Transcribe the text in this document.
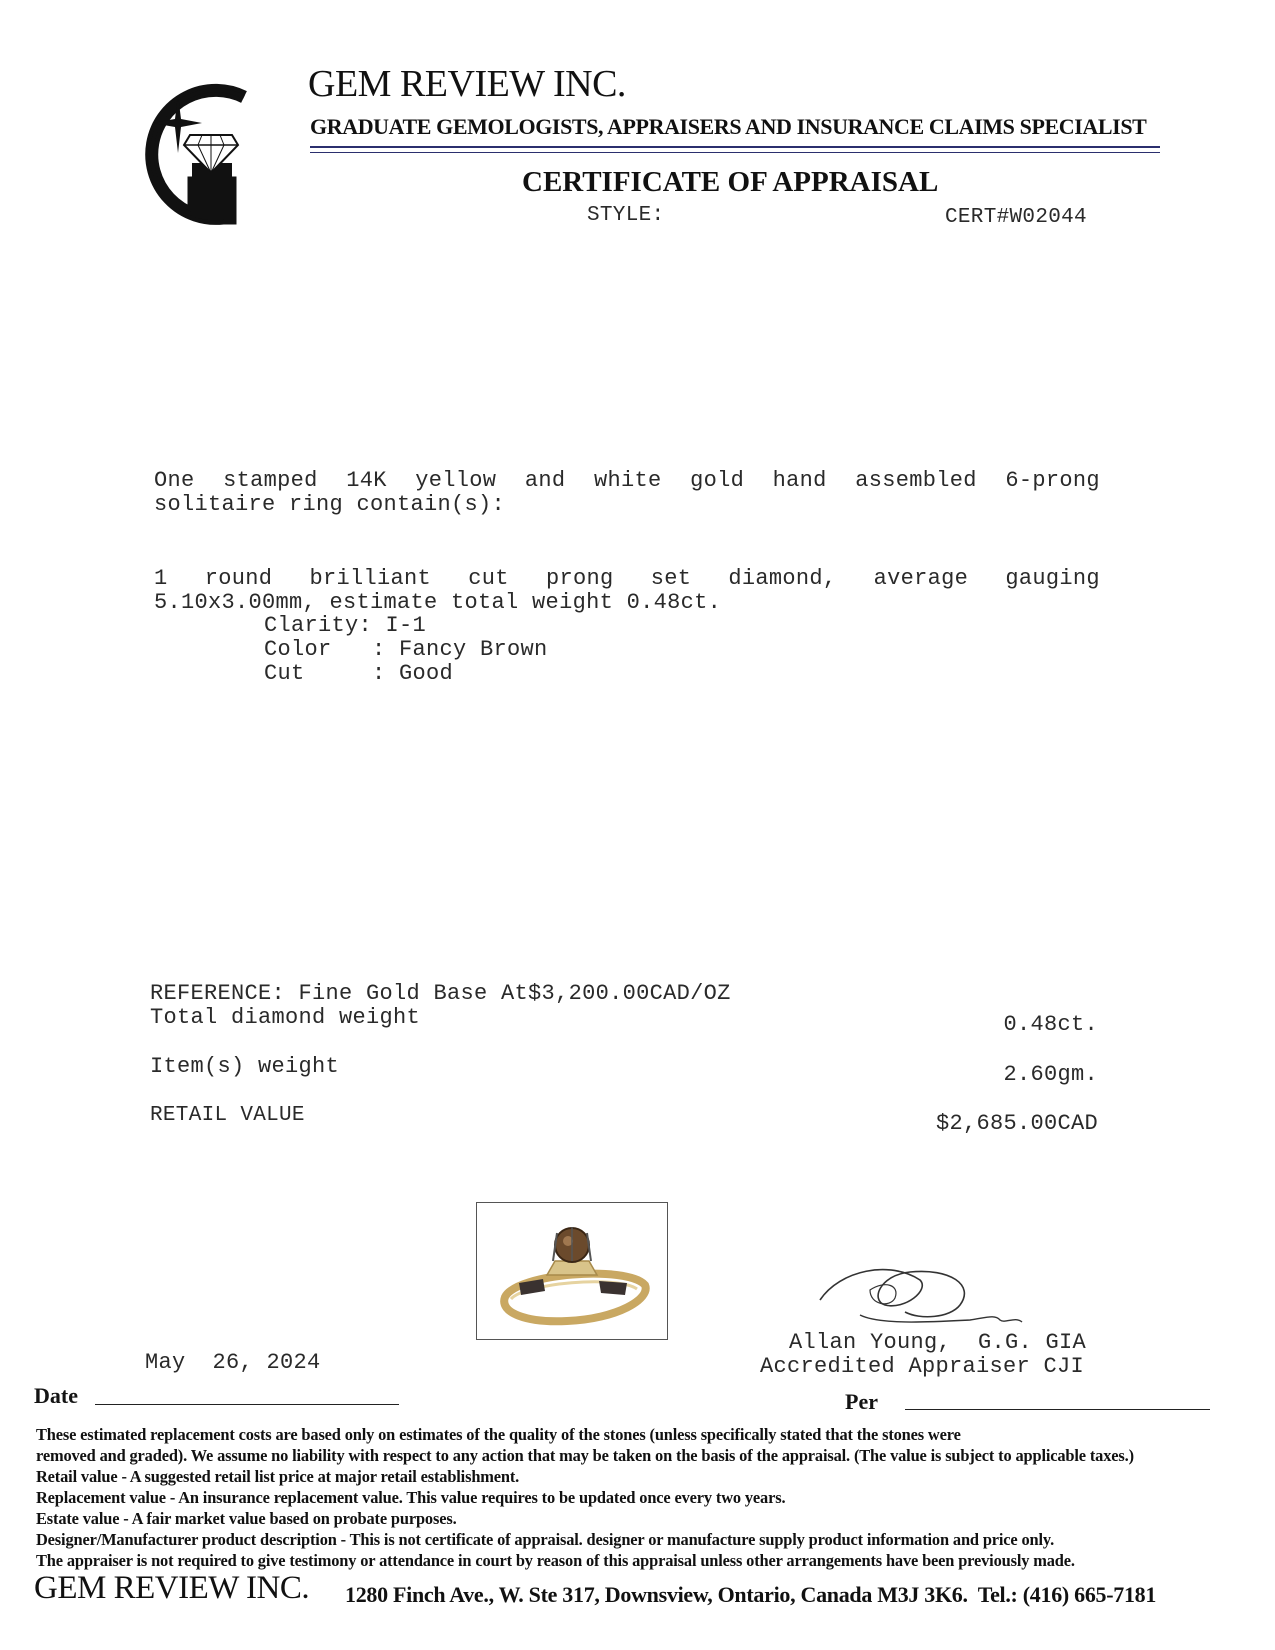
GEM REVIEW INC.
GRADUATE GEMOLOGISTS, APPRAISERS AND INSURANCE CLAIMS SPECIALIST
CERTIFICATE OF APPRAISAL
STYLE:	CERT#W02044
One stamped 14K yellow and white gold hand assembled 6-prong
solitaire ring contain(s):
1 round brilliant cut prong set diamond, average gauging
5.10x3.00mm, estimate total weight 0.48ct.
Clarity: I-1
Color   : Fancy Brown
Cut     : Good
REFERENCE: Fine Gold Base At$3,200.00CAD/OZ
Total diamond weight	0.48ct.
Item(s) weight	2.60gm.
RETAIL VALUE	$2,685.00CAD
May  26, 2024
Date
Allan Young,  G.G. GIA
Accredited Appraiser CJI
Per
These estimated replacement costs are based only on estimates of the quality of the stones (unless specifically stated that the stones were
removed and graded). We assume no liability with respect to any action that may be taken on the basis of the appraisal. (The value is subject to applicable taxes.)
Retail value - A suggested retail list price at major retail establishment.
Replacement value - An insurance replacement value. This value requires to be updated once every two years.
Estate value - A fair market value based on probate purposes.
Designer/Manufacturer product description - This is not certificate of appraisal. designer or manufacture supply product information and price only.
The appraiser is not required to give testimony or attendance in court by reason of this appraisal unless other arrangements have been previously made.
GEM REVIEW INC. 1280 Finch Ave., W. Ste 317, Downsview, Ontario, Canada M3J 3K6.  Tel.: (416) 665-7181
